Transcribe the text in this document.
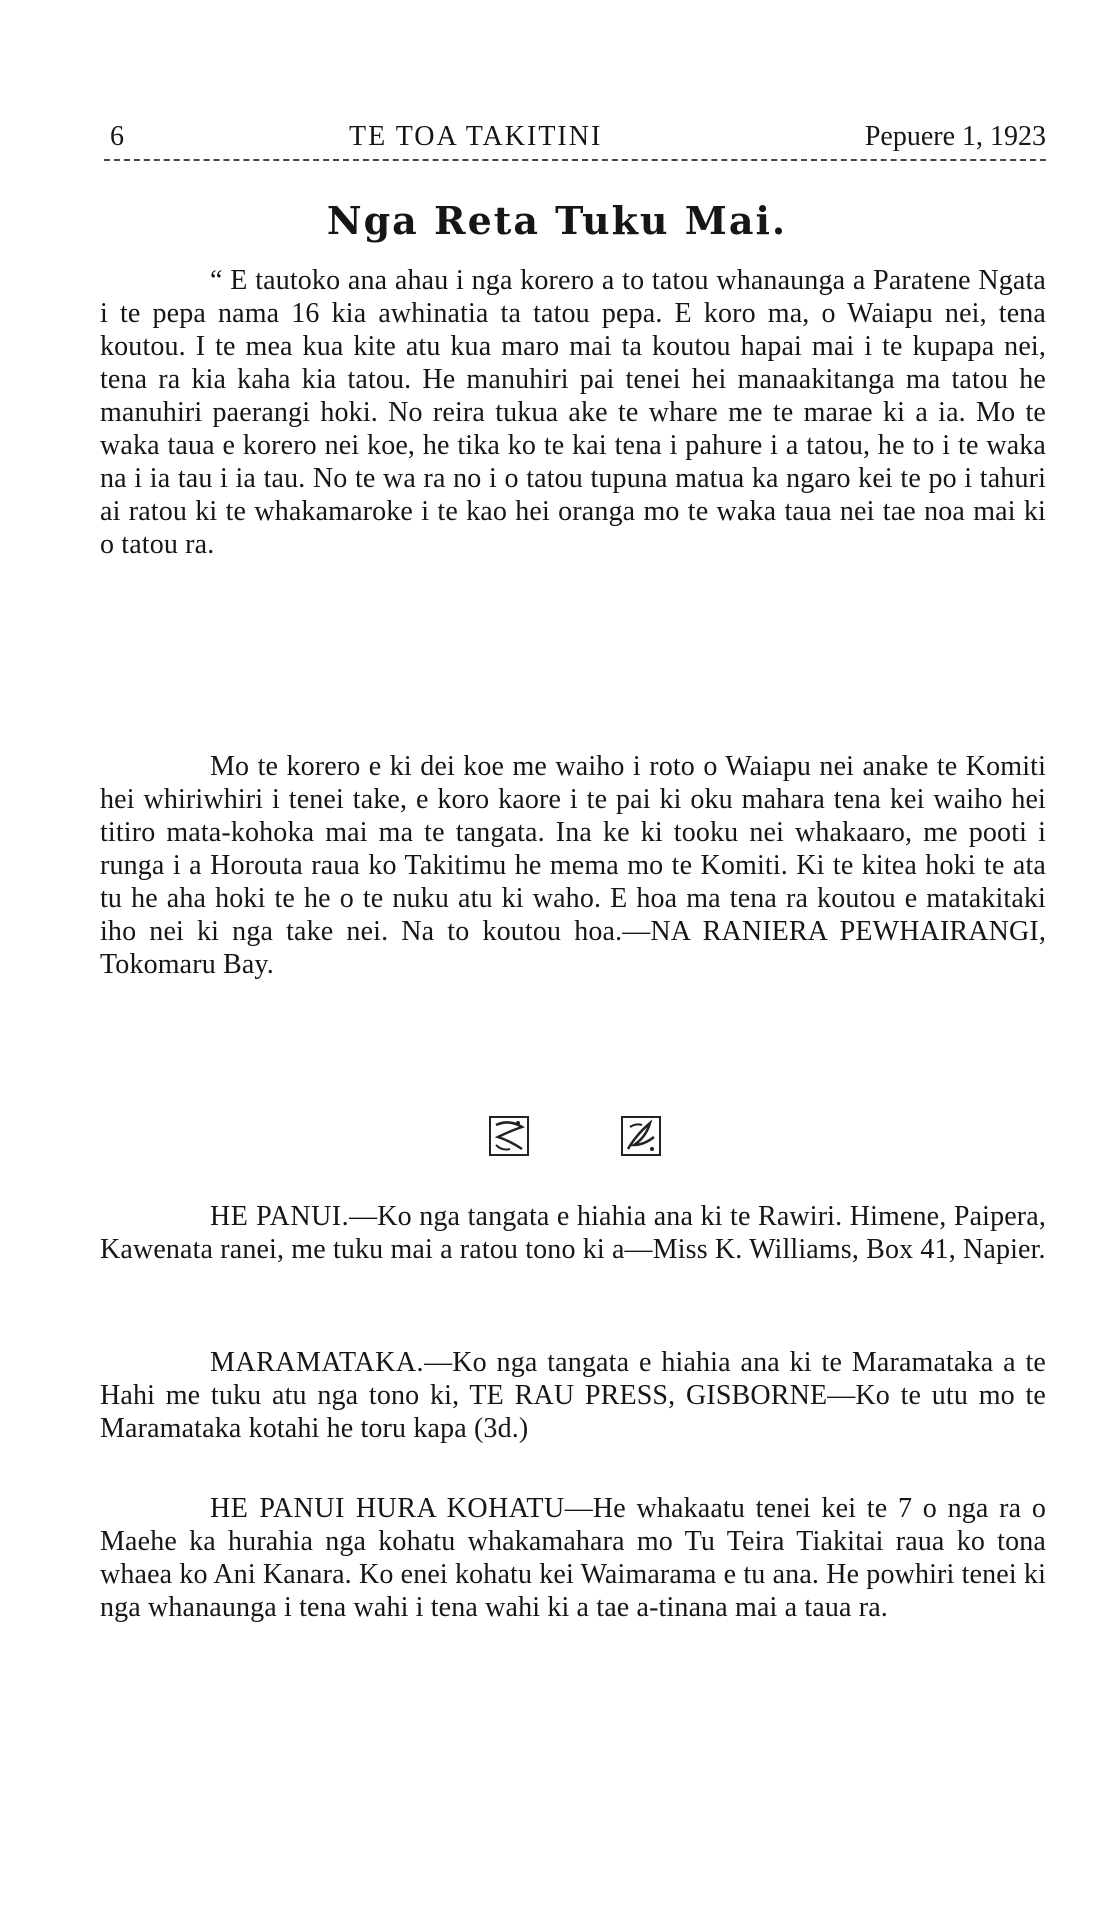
6	TE TOA TAKITINI	Pepuere 1, 1923
Nga Reta Tuku Mai.

“ E tautoko ana ahau i nga korero a to tatou whanaunga a Paratene Ngata i te pepa nama 16 kia awhinatia ta tatou pepa. E koro ma, o Waiapu nei, tena koutou. I te mea kua kite atu kua maro mai ta koutou hapai mai i te kupapa nei, tena ra kia kaha kia tatou. He manuhiri pai tenei hei manaakitanga ma tatou he manuhiri paerangi hoki. No reira tukua ake te whare me te marae ki a ia. Mo te waka taua e korero nei koe, he tika ko te kai tena i pahure i a tatou, he to i te waka na i ia tau i ia tau. No te wa ra no i o tatou tupuna matua ka ngaro kei te po i tahuri ai ratou ki te whakamaroke i te kao hei oranga mo te waka taua nei tae noa mai ki o tatou ra.

Mo te korero e ki dei koe me waiho i roto o Waiapu nei anake te Komiti hei whiriwhiri i tenei take, e koro kaore i te pai ki oku mahara tena kei waiho hei titiro mata-kohoka mai ma te tangata. Ina ke ki tooku nei whakaaro, me pooti i runga i a Horouta raua ko Takitimu he mema mo te Komiti. Ki te kitea hoki te ata tu he aha hoki te he o te nuku atu ki waho. E hoa ma tena ra koutou e matakitaki iho nei ki nga take nei. Na to koutou hoa.—NA RANIERA PEWHAIRANGI, Tokomaru Bay.

HE PANUI.—Ko nga tangata e hiahia ana ki te Rawiri. Himene, Paipera, Kawenata ranei, me tuku mai a ratou tono ki a—Miss K. Williams, Box 41, Napier.

MARAMATAKA.—Ko nga tangata e hiahia ana ki te Maramataka a te Hahi me tuku atu nga tono ki, TE RAU PRESS, GISBORNE—Ko te utu mo te Maramataka kotahi he toru kapa (3d.)

HE PANUI HURA KOHATU—He whakaatu tenei kei te 7 o nga ra o Maehe ka hurahia nga kohatu whakamahara mo Tu Teira Tiakitai raua ko tona whaea ko Ani Kanara. Ko enei kohatu kei Waimarama e tu ana. He powhiri tenei ki nga whanaunga i tena wahi i tena wahi ki a tae a-tinana mai a taua ra.
